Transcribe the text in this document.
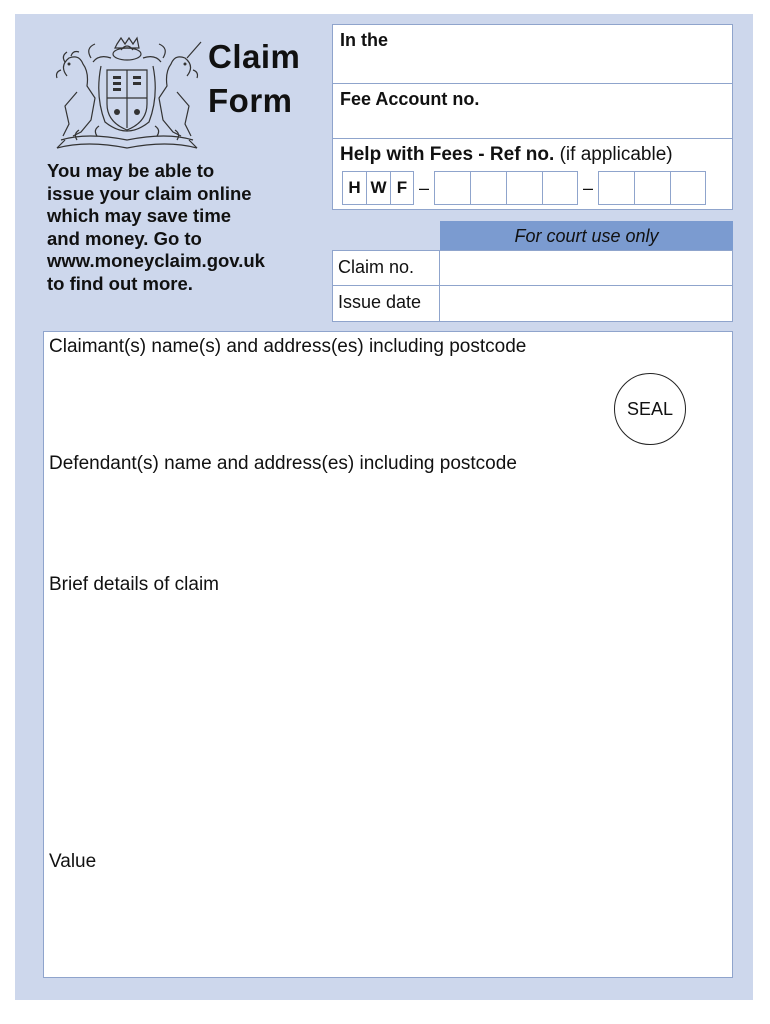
Claim
Form
You may be able to
issue your claim online
which may save time
and money. Go to
www.moneyclaim.gov.uk
to find out more.
In the
Fee Account no.
Help with Fees - Ref no. (if applicable)
H W F –	–
For court use only
Claim no.
Issue date
Claimant(s) name(s) and address(es) including postcode
SEAL
Defendant(s) name and address(es) including postcode
Brief details of claim
Value
